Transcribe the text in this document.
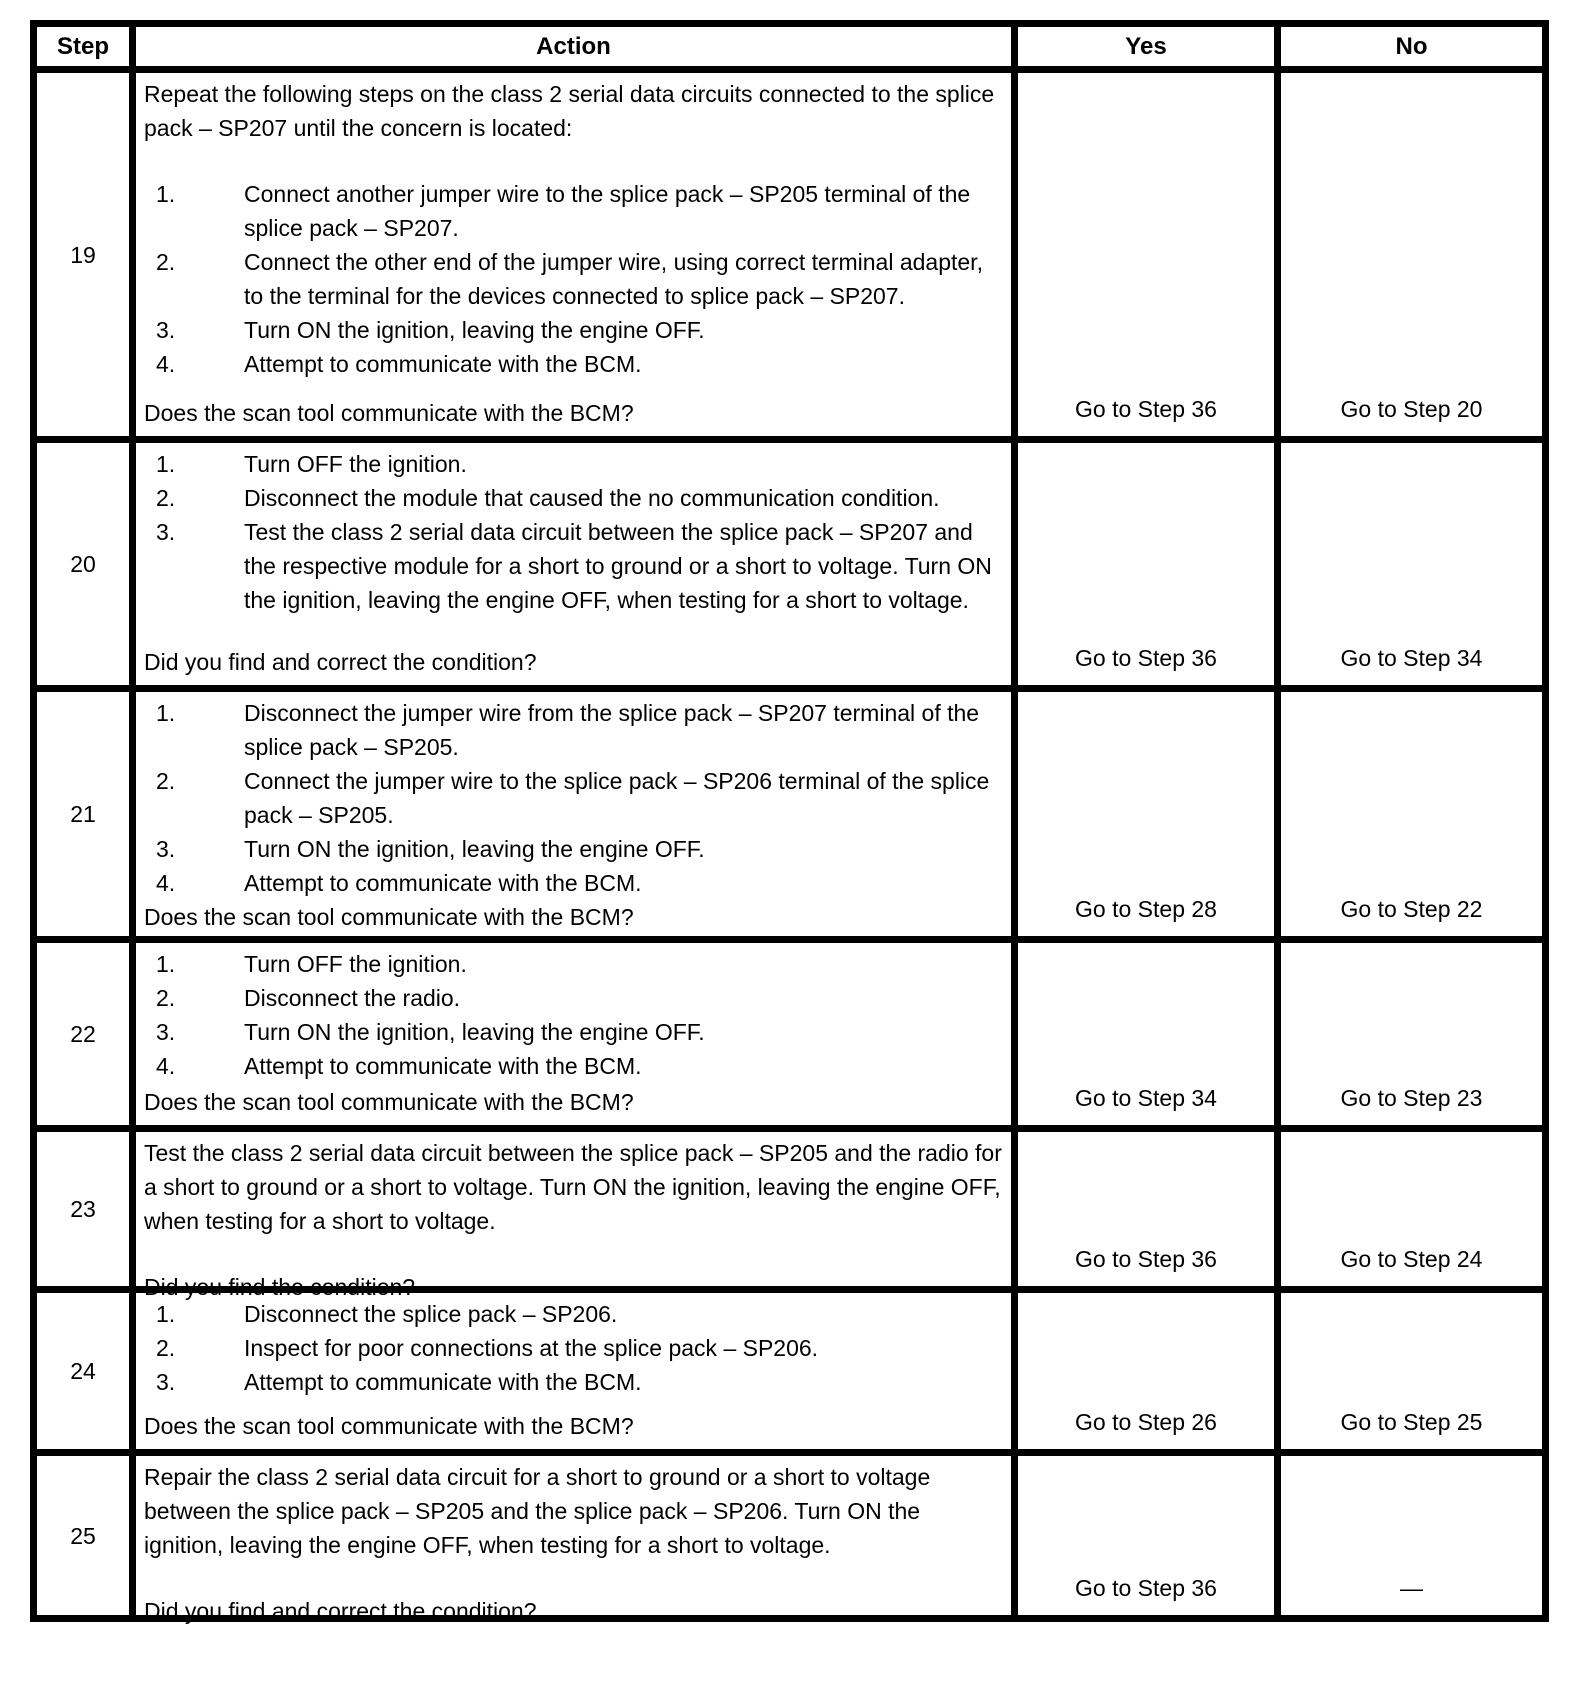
Step	Action	Yes	No
19	
Repeat the following steps on the class 2 serial data circuits connected to the splice pack – SP207 until the concern is located:
1.	Connect another jumper wire to the splice pack – SP205 terminal of the splice pack – SP207.
2.	Connect the other end of the jumper wire, using correct terminal adapter, to the terminal for the devices connected to splice pack – SP207.
3.	Turn ON the ignition, leaving the engine OFF.
4.	Attempt to communicate with the BCM.
Does the scan tool communicate with the BCM?	Go to Step 36	Go to Step 20
20	
1.	Turn OFF the ignition.
2.	Disconnect the module that caused the no communication condition.
3.	Test the class 2 serial data circuit between the splice pack – SP207 and the respective module for a short to ground or a short to voltage. Turn ON the ignition, leaving the engine OFF, when testing for a short to voltage.
Did you find and correct the condition?	Go to Step 36	Go to Step 34
21	
1.	Disconnect the jumper wire from the splice pack – SP207 terminal of the splice pack – SP205.
2.	Connect the jumper wire to the splice pack – SP206 terminal of the splice pack – SP205.
3.	Turn ON the ignition, leaving the engine OFF.
4.	Attempt to communicate with the BCM.
Does the scan tool communicate with the BCM?	Go to Step 28	Go to Step 22
22	
1.	Turn OFF the ignition.
2.	Disconnect the radio.
3.	Turn ON the ignition, leaving the engine OFF.
4.	Attempt to communicate with the BCM.
Does the scan tool communicate with the BCM?	Go to Step 34	Go to Step 23
23	Test the class 2 serial data circuit between the splice pack – SP205 and the radio for a short to ground or a short to voltage. Turn ON the ignition, leaving the engine OFF, when testing for a short to voltage.
Did you find the condition?	Go to Step 36	Go to Step 24
24	
1.	Disconnect the splice pack – SP206.
2.	Inspect for poor connections at the splice pack – SP206.
3.	Attempt to communicate with the BCM.
Does the scan tool communicate with the BCM?	Go to Step 26	Go to Step 25
25	Repair the class 2 serial data circuit for a short to ground or a short to voltage between the splice pack – SP205 and the splice pack – SP206. Turn ON the ignition, leaving the engine OFF, when testing for a short to voltage.
Did you find and correct the condition?	Go to Step 36	—
